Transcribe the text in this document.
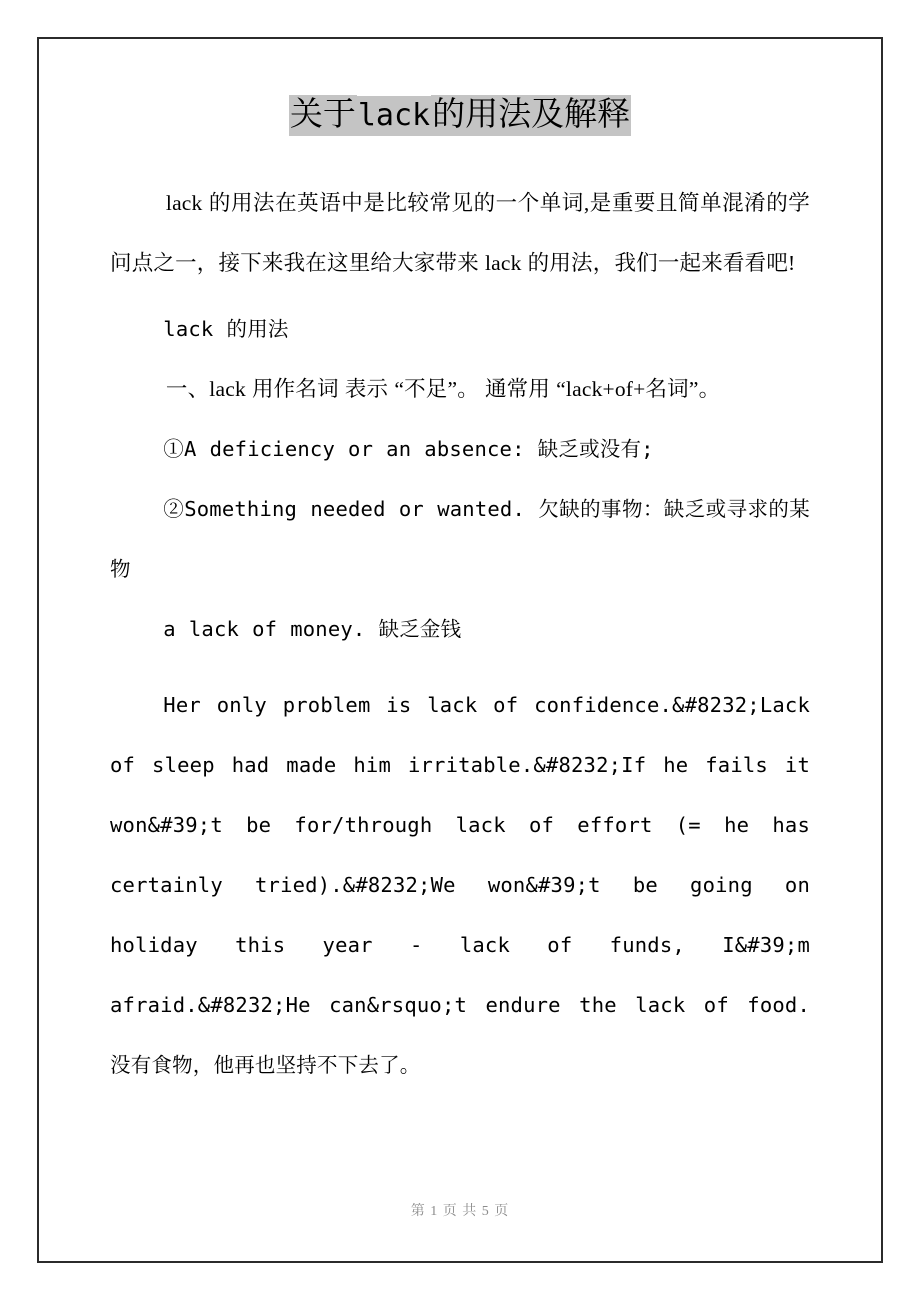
关于lack的用法及解释

lack 的用法在英语中是比较常见的一个单词,是重要且简单混淆的学问点之一，接下来我在这里给大家带来 lack 的用法，我们一起来看看吧!

lack 的用法

一、lack 用作名词 表示 “不足”。 通常用 “lack+of+名词”。

①A deficiency or an absence: 缺乏或没有;

②Something needed or wanted. 欠缺的事物：缺乏或寻求的某物

a lack of money. 缺乏金钱

Her only problem is lack of confidence.&#8232;Lack of sleep had made him irritable.&#8232;If he fails it won&#39;t be for/through lack of effort (= he has certainly tried).&#8232;We won&#39;t be going on holiday this year - lack of funds, I&#39;m afraid.&#8232;He can&rsquo;t endure the lack of food. 没有食物，他再也坚持不下去了。

第 1 页 共 5 页
